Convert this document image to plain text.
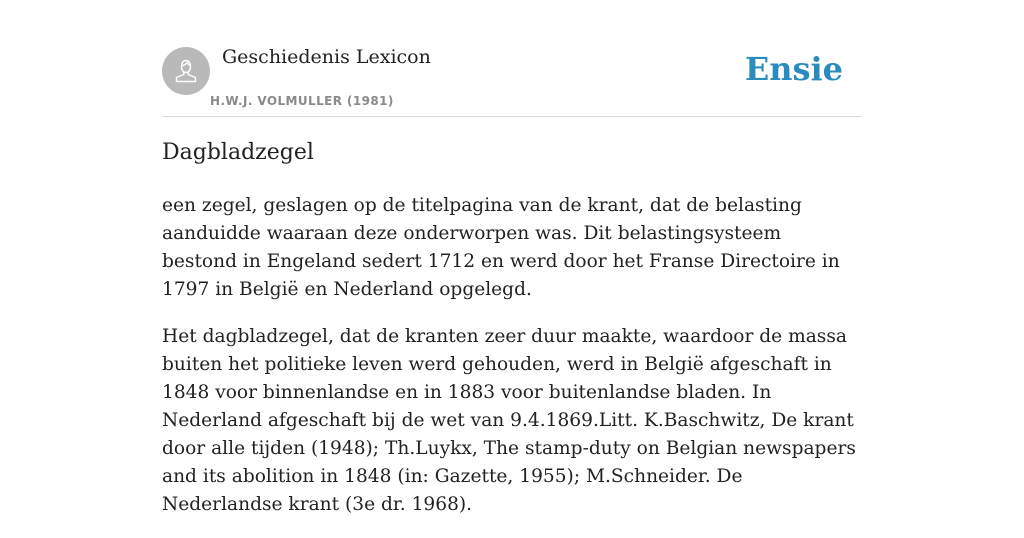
Geschiedenis Lexicon
H.W.J. VOLMULLER (1981)
Ensie
Dagbladzegel

een zegel, geslagen op de titelpagina van de krant, dat de belasting aanduidde waaraan deze onderworpen was. Dit belastingsysteem bestond in Engeland sedert 1712 en werd door het Franse Directoire in 1797 in België en Nederland opgelegd.

Het dagbladzegel, dat de kranten zeer duur maakte, waardoor de massa buiten het politieke leven werd gehouden, werd in België afgeschaft in 1848 voor binnenlandse en in 1883 voor buitenlandse bladen. In Nederland afgeschaft bij de wet van 9.4.1869.Litt. K.Baschwitz, De krant door alle tijden (1948); Th.Luykx, The stamp-duty on Belgian newspapers and its abolition in 1848 (in: Gazette, 1955); M.Schneider. De Nederlandse krant (3e dr. 1968).
